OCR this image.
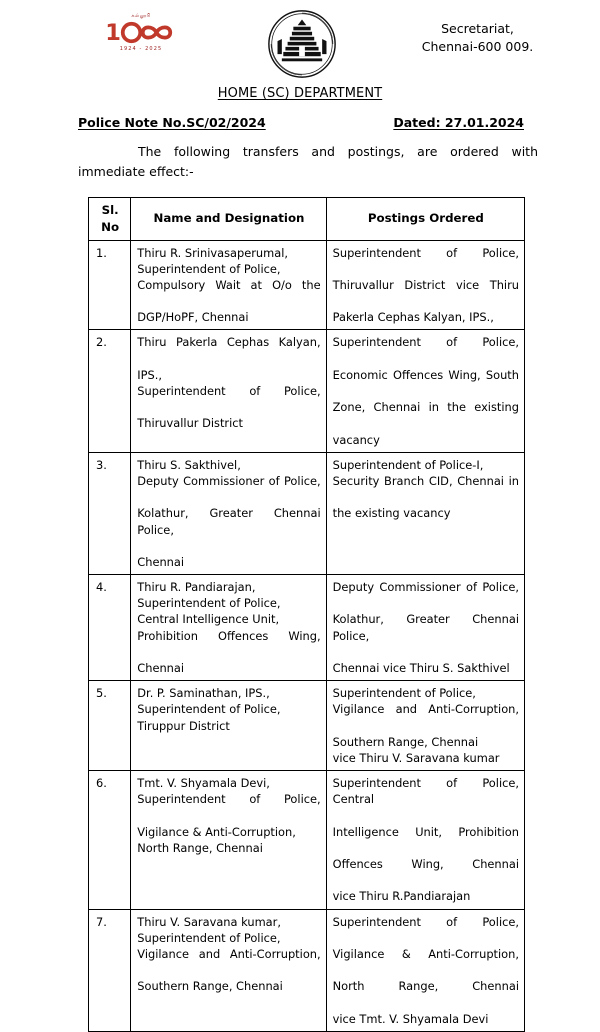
கல்லூரி
1
1924 - 2025

Secretariat,
Chennai-600 009.
HOME (SC) DEPARTMENT
Police Note No.SC/02/2024	Dated: 27.01.2024
The following transfers and postings, are ordered with immediate effect:-
Sl.
No	Name and Designation	Postings Ordered
1.	Thiru R. Srinivasaperumal,
Superintendent of Police,
Compulsory Wait at O/o the
DGP/HoPF, Chennai	Superintendent of Police,
Thiruvallur District vice Thiru
Pakerla Cephas Kalyan, IPS.,

2.	Thiru Pakerla Cephas Kalyan,
IPS.,
Superintendent of Police,
Thiruvallur District	Superintendent of Police,
Economic Offences Wing, South
Zone, Chennai in the existing
vacancy

3.	Thiru S. Sakthivel,
Deputy Commissioner of Police,
Kolathur, Greater Chennai Police,
Chennai	Superintendent of Police-I,
Security Branch CID, Chennai in
the existing vacancy

4.	Thiru R. Pandiarajan,
Superintendent of Police,
Central Intelligence Unit,
Prohibition Offences Wing,
Chennai	Deputy Commissioner of Police,
Kolathur, Greater Chennai Police,
Chennai vice Thiru S. Sakthivel

5.	Dr. P. Saminathan, IPS.,
Superintendent of Police,
Tiruppur District	Superintendent of Police,
Vigilance and Anti-Corruption,
Southern Range, Chennai
vice Thiru V. Saravana kumar

6.	Tmt. V. Shyamala Devi,
Superintendent of Police,
Vigilance & Anti-Corruption,
North Range, Chennai	Superintendent of Police, Central
Intelligence Unit, Prohibition
Offences Wing, Chennai
vice Thiru R.Pandiarajan

7.	Thiru V. Saravana kumar,
Superintendent of Police,
Vigilance and Anti-Corruption,
Southern Range, Chennai	Superintendent of Police,
Vigilance & Anti-Corruption,
North Range, Chennai
vice Tmt. V. Shyamala Devi
